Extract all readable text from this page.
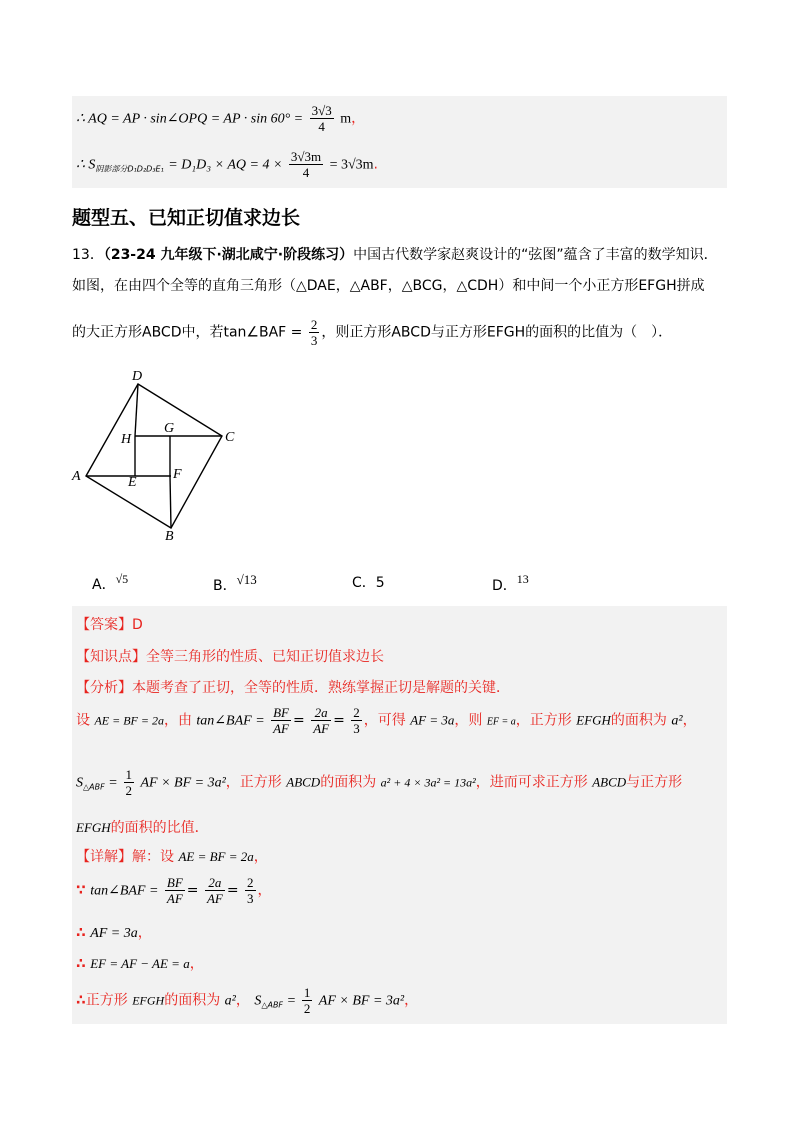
∴ AQ = AP · sin∠OPQ = AP · $\sin 60^\circ = \frac{3√3}{4}$ m，
∴ $S_{阴影部分D_1D_2D_3E_1} = D_1D_3$ × AQ = $4 \times \frac{3√3m}{4} = 3√3m$.
题型五、已知正切值求边长
13．（23-24 九年级下·湖北咸宁·阶段练习）中国古代数学家赵爽设计的“弦图”蕴含了丰富的数学知识．
如图，在由四个全等的直角三角形（△DAE，△ABF，△BCG，△CDH）和中间一个小正方形EFGH拼成
的大正方形ABCD中，若tan∠BAF = $\frac{2}{3}$ ，则正方形ABCD与正方形EFGH的面积的比值为（　）．
D
H
G
C
A	E
F
B
A．√5	B．√13	C．5	D．13
【答案】D
【知识点】全等三角形的性质、已知正切值求边长
【分析】本题考查了正切，全等的性质．熟练掌握正切是解题的关键．
设 AE = BF = 2a，由 tan∠BAF = $\frac{BF}{AF} = \frac{2a}{AF} = \frac{2}{3}$ ，可得 AF = 3a，则 EF = a，正方形 EFGH的面积为 a²，
$S_{\triangle ABF} = \frac{1}{2}$ AF × BF = 3a²，正方形 ABCD的面积为 a² + 4 × 3a² = 13a²，进而可求正方形 ABCD与正方形
EFGH的面积的比值．
【详解】解：设 AE = BF = 2a，
∵ tan∠BAF = $\frac{BF}{AF} = \frac{2a}{AF} = \frac{2}{3}$ ，
∴ AF = 3a，
∴ EF = AF − AE = a，
∴正方形 EFGH的面积为 a²， $S_{\triangle ABF} = \frac{1}{2}$ AF × BF = 3a²，
